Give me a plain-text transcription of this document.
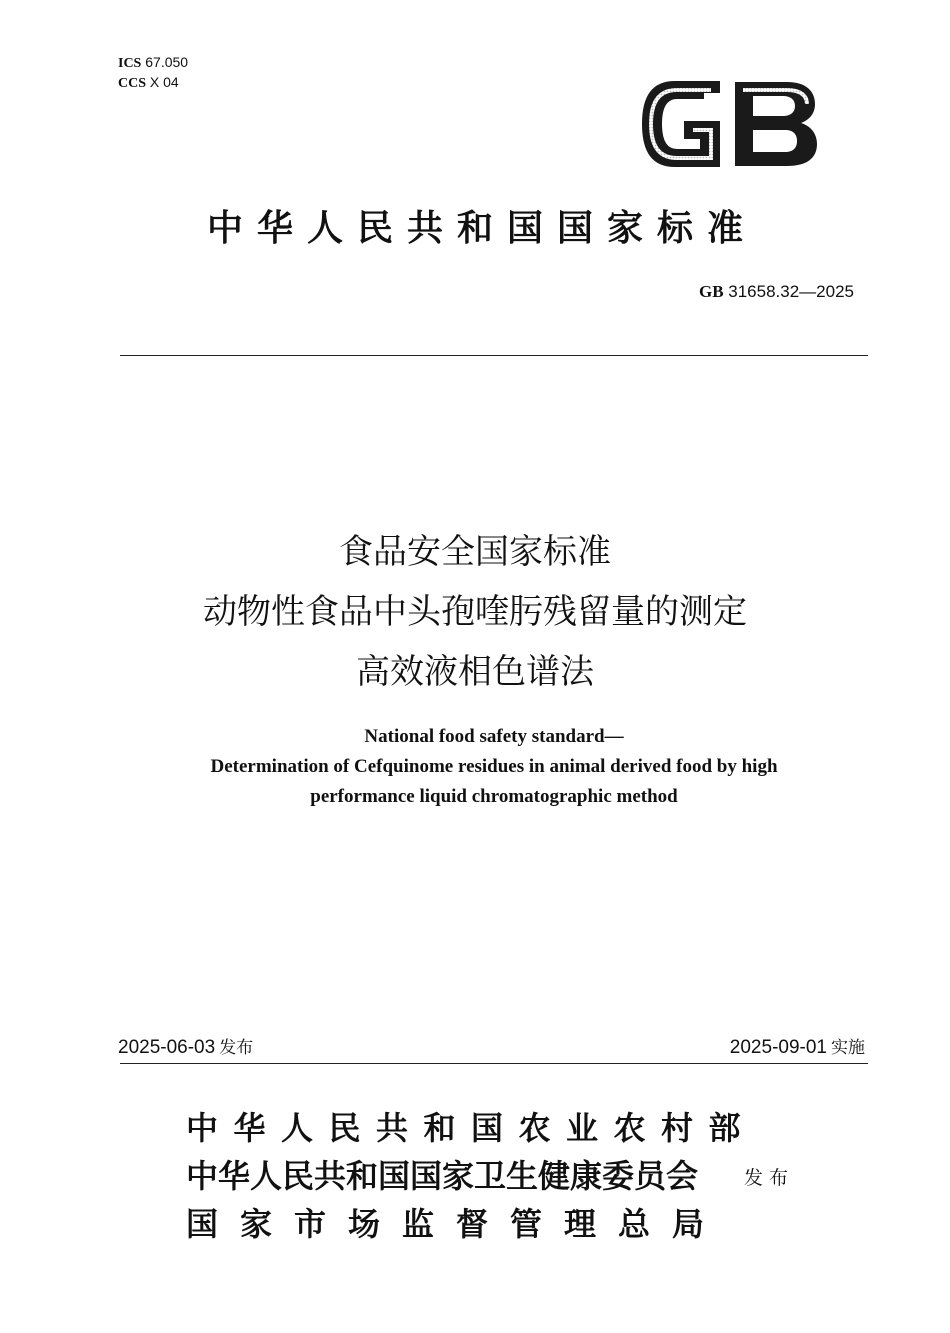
ICS 67.050
CCS X 04
GB
中华人民共和国国家标准
GB 31658.32—2025
食品安全国家标准
动物性食品中头孢喹肟残留量的测定
高效液相色谱法
National food safety standard—
Determination of Cefquinome residues in animal derived food by high
performance liquid chromatographic method
2025-06-03 发布	2025-09-01 实施
中华人民共和国农业农村部
中华人民共和国国家卫生健康委员会
国家市场监督管理总局
发布
